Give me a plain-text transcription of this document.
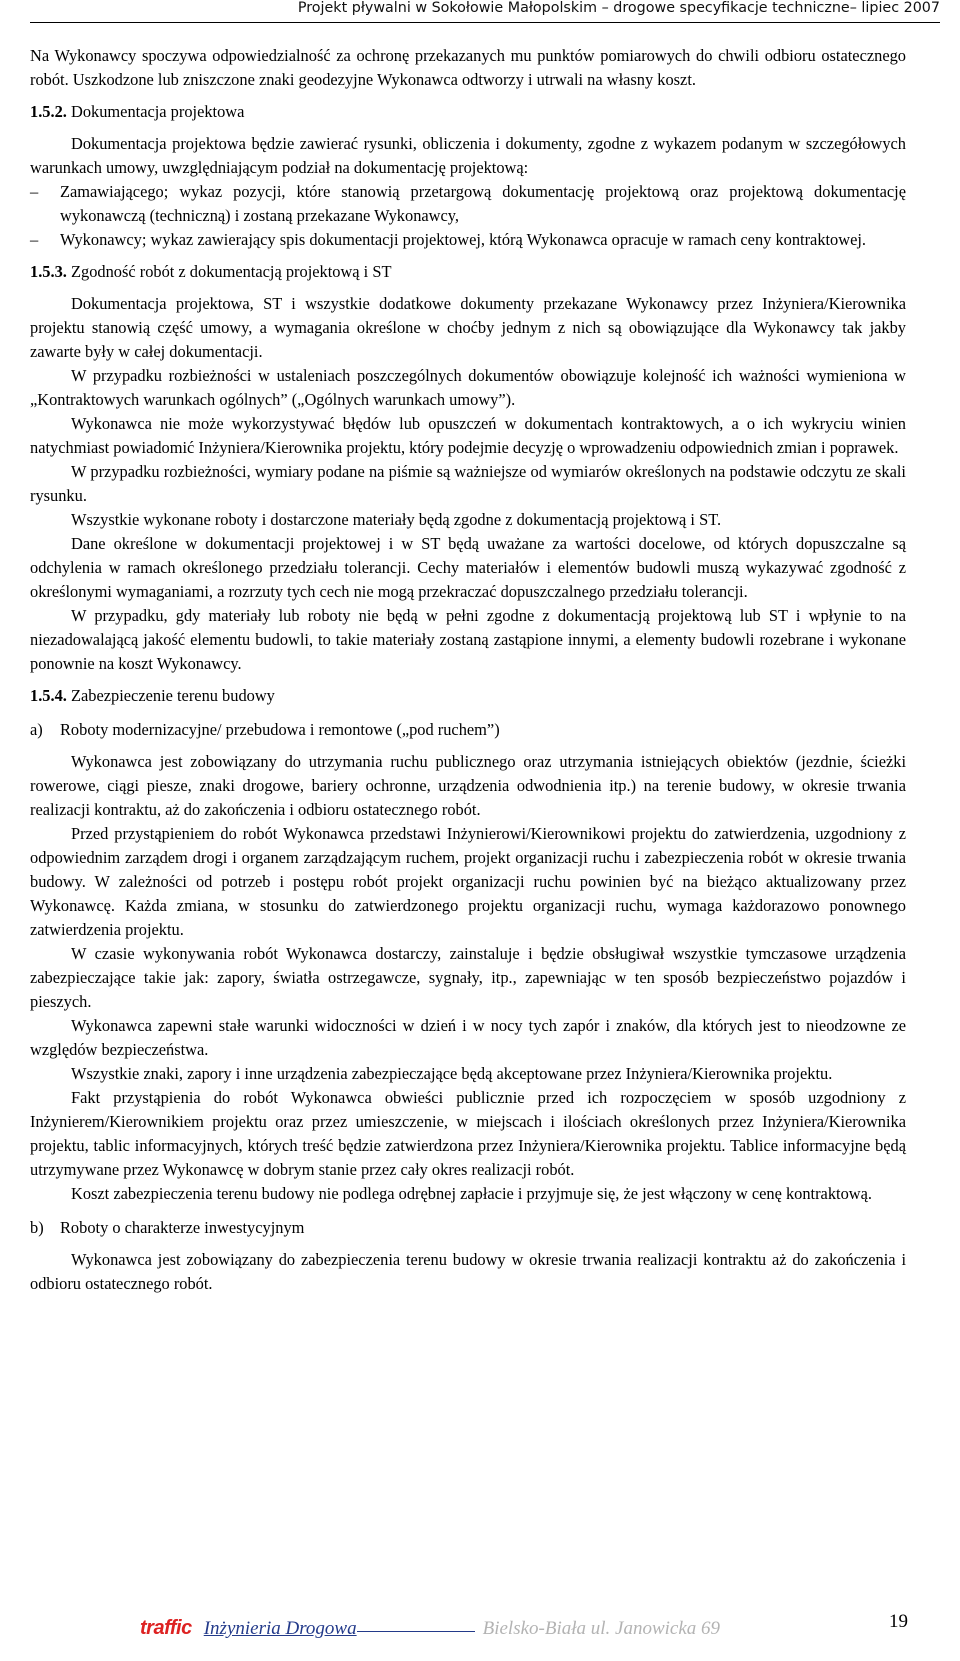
Projekt pływalni w Sokołowie Małopolskim – drogowe specyfikacje techniczne– lipiec 2007

Na Wykonawcy spoczywa odpowiedzialność za ochronę przekazanych mu punktów pomiarowych do chwili odbioru ostatecznego robót. Uszkodzone lub zniszczone znaki geodezyjne Wykonawca odtworzy i utrwali na własny koszt.

1.5.2. Dokumentacja projektowa

Dokumentacja projektowa będzie zawierać rysunki, obliczenia i dokumenty, zgodne z wykazem podanym w szczegółowych warunkach umowy, uwzględniającym podział na dokumentację projektową:

–	Zamawiającego; wykaz pozycji, które stanowią przetargową dokumentację projektową oraz projektową dokumentację wykonawczą (techniczną) i zostaną przekazane Wykonawcy,
–	Wykonawcy; wykaz zawierający spis dokumentacji projektowej, którą Wykonawca opracuje w ramach ceny kontraktowej.
1.5.3. Zgodność robót z dokumentacją projektową i ST

Dokumentacja projektowa, ST i wszystkie dodatkowe dokumenty przekazane Wykonawcy przez Inżyniera/Kierownika projektu stanowią część umowy, a wymagania określone w choćby jednym z nich są obowiązujące dla Wykonawcy tak jakby zawarte były w całej dokumentacji.

W przypadku rozbieżności w ustaleniach poszczególnych dokumentów obowiązuje kolejność ich ważności wymieniona w „Kontraktowych warunkach ogólnych” („Ogólnych warunkach umowy”).

Wykonawca nie może wykorzystywać błędów lub opuszczeń w dokumentach kontraktowych, a o ich wykryciu winien natychmiast powiadomić Inżyniera/Kierownika projektu, który podejmie decyzję o wprowadzeniu odpowiednich zmian i poprawek.

W przypadku rozbieżności, wymiary podane na piśmie są ważniejsze od wymiarów określonych na podstawie odczytu ze skali rysunku.

Wszystkie wykonane roboty i dostarczone materiały będą zgodne z dokumentacją projektową i ST.

Dane określone w dokumentacji projektowej i w ST będą uważane za wartości docelowe, od których dopuszczalne są odchylenia w ramach określonego przedziału tolerancji. Cechy materiałów i elementów budowli muszą wykazywać zgodność z określonymi wymaganiami, a rozrzuty tych cech nie mogą przekraczać dopuszczalnego przedziału tolerancji.

W przypadku, gdy materiały lub roboty nie będą w pełni zgodne z dokumentacją projektową lub ST i wpłynie to na niezadowalającą jakość elementu budowli, to takie materiały zostaną zastąpione innymi, a elementy budowli rozebrane i wykonane ponownie na koszt Wykonawcy.

1.5.4. Zabezpieczenie terenu budowy
a)	Roboty modernizacyjne/ przebudowa i remontowe („pod ruchem”)

Wykonawca jest zobowiązany do utrzymania ruchu publicznego oraz utrzymania istniejących obiektów (jezdnie, ścieżki rowerowe, ciągi piesze, znaki drogowe, bariery ochronne, urządzenia odwodnienia itp.) na terenie budowy, w okresie trwania realizacji kontraktu, aż do zakończenia i odbioru ostatecznego robót.

Przed przystąpieniem do robót Wykonawca przedstawi Inżynierowi/Kierownikowi projektu do zatwierdzenia, uzgodniony z odpowiednim zarządem drogi i organem zarządzającym ruchem, projekt organizacji ruchu i zabezpieczenia robót w okresie trwania budowy. W zależności od potrzeb i postępu robót projekt organizacji ruchu powinien być na bieżąco aktualizowany przez Wykonawcę. Każda zmiana, w stosunku do zatwierdzonego projektu organizacji ruchu, wymaga każdorazowo ponownego zatwierdzenia projektu.

W czasie wykonywania robót Wykonawca dostarczy, zainstaluje i będzie obsługiwał wszystkie tymczasowe urządzenia zabezpieczające takie jak: zapory, światła ostrzegawcze, sygnały, itp., zapewniając w ten sposób bezpieczeństwo pojazdów i pieszych.

Wykonawca zapewni stałe warunki widoczności w dzień i w nocy tych zapór i znaków, dla których jest to nieodzowne ze względów bezpieczeństwa.

Wszystkie znaki, zapory i inne urządzenia zabezpieczające będą akceptowane przez Inżyniera/Kierownika projektu.

Fakt przystąpienia do robót Wykonawca obwieści publicznie przed ich rozpoczęciem w sposób uzgodniony z Inżynierem/Kierownikiem projektu oraz przez umieszczenie, w miejscach i ilościach określonych przez Inżyniera/Kierownika projektu, tablic informacyjnych, których treść będzie zatwierdzona przez Inżyniera/Kierownika projektu. Tablice informacyjne będą utrzymywane przez Wykonawcę w dobrym stanie przez cały okres realizacji robót.

Koszt zabezpieczenia terenu budowy nie podlega odrębnej zapłacie i przyjmuje się, że jest włączony w cenę kontraktową.

b) Roboty o charakterze inwestycyjnym

Wykonawca jest zobowiązany do zabezpieczenia terenu budowy w okresie trwania realizacji kontraktu aż do zakończenia i odbioru ostatecznego robót.

traffic Inżynieria Drogowa	Bielsko-Biała ul. Janowicka 69	19
